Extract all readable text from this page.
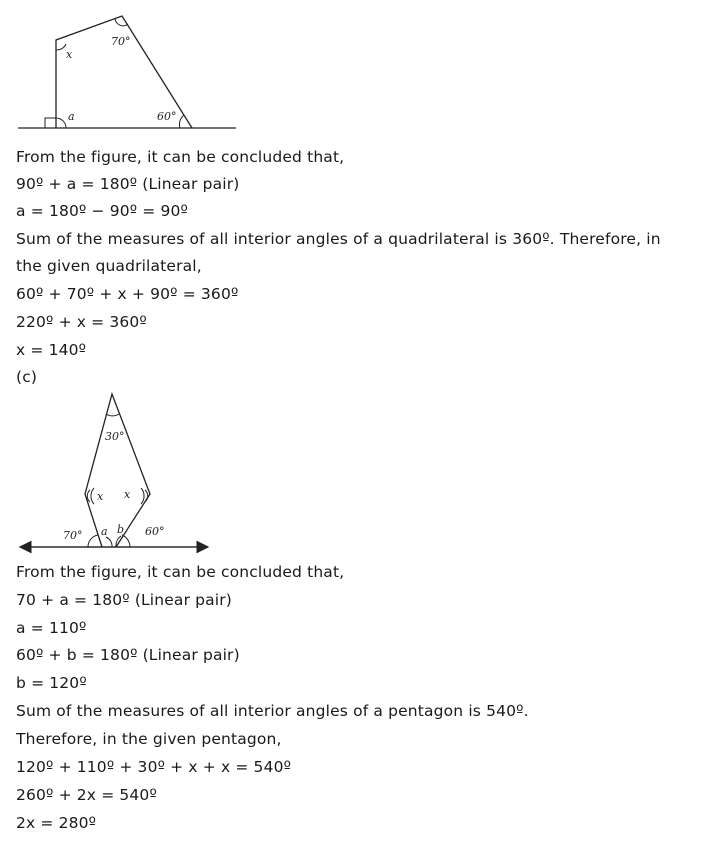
x
a
70°
60°
From the figure, it can be concluded that,
90º + a = 180º (Linear pair)
a = 180º − 90º = 90º
Sum of the measures of all interior angles of a quadrilateral is 360º. Therefore, in
the given quadrilateral,
60º + 70º + x + 90º = 360º
220º + x = 360º
x = 140º
(c)
30°
x x
a b
70°	60°
From the figure, it can be concluded that,
70 + a = 180º (Linear pair)
a = 110º
60º + b = 180º (Linear pair)
b = 120º
Sum of the measures of all interior angles of a pentagon is 540º.
Therefore, in the given pentagon,
120º + 110º + 30º + x + x = 540º
260º + 2x = 540º
2x = 280º
